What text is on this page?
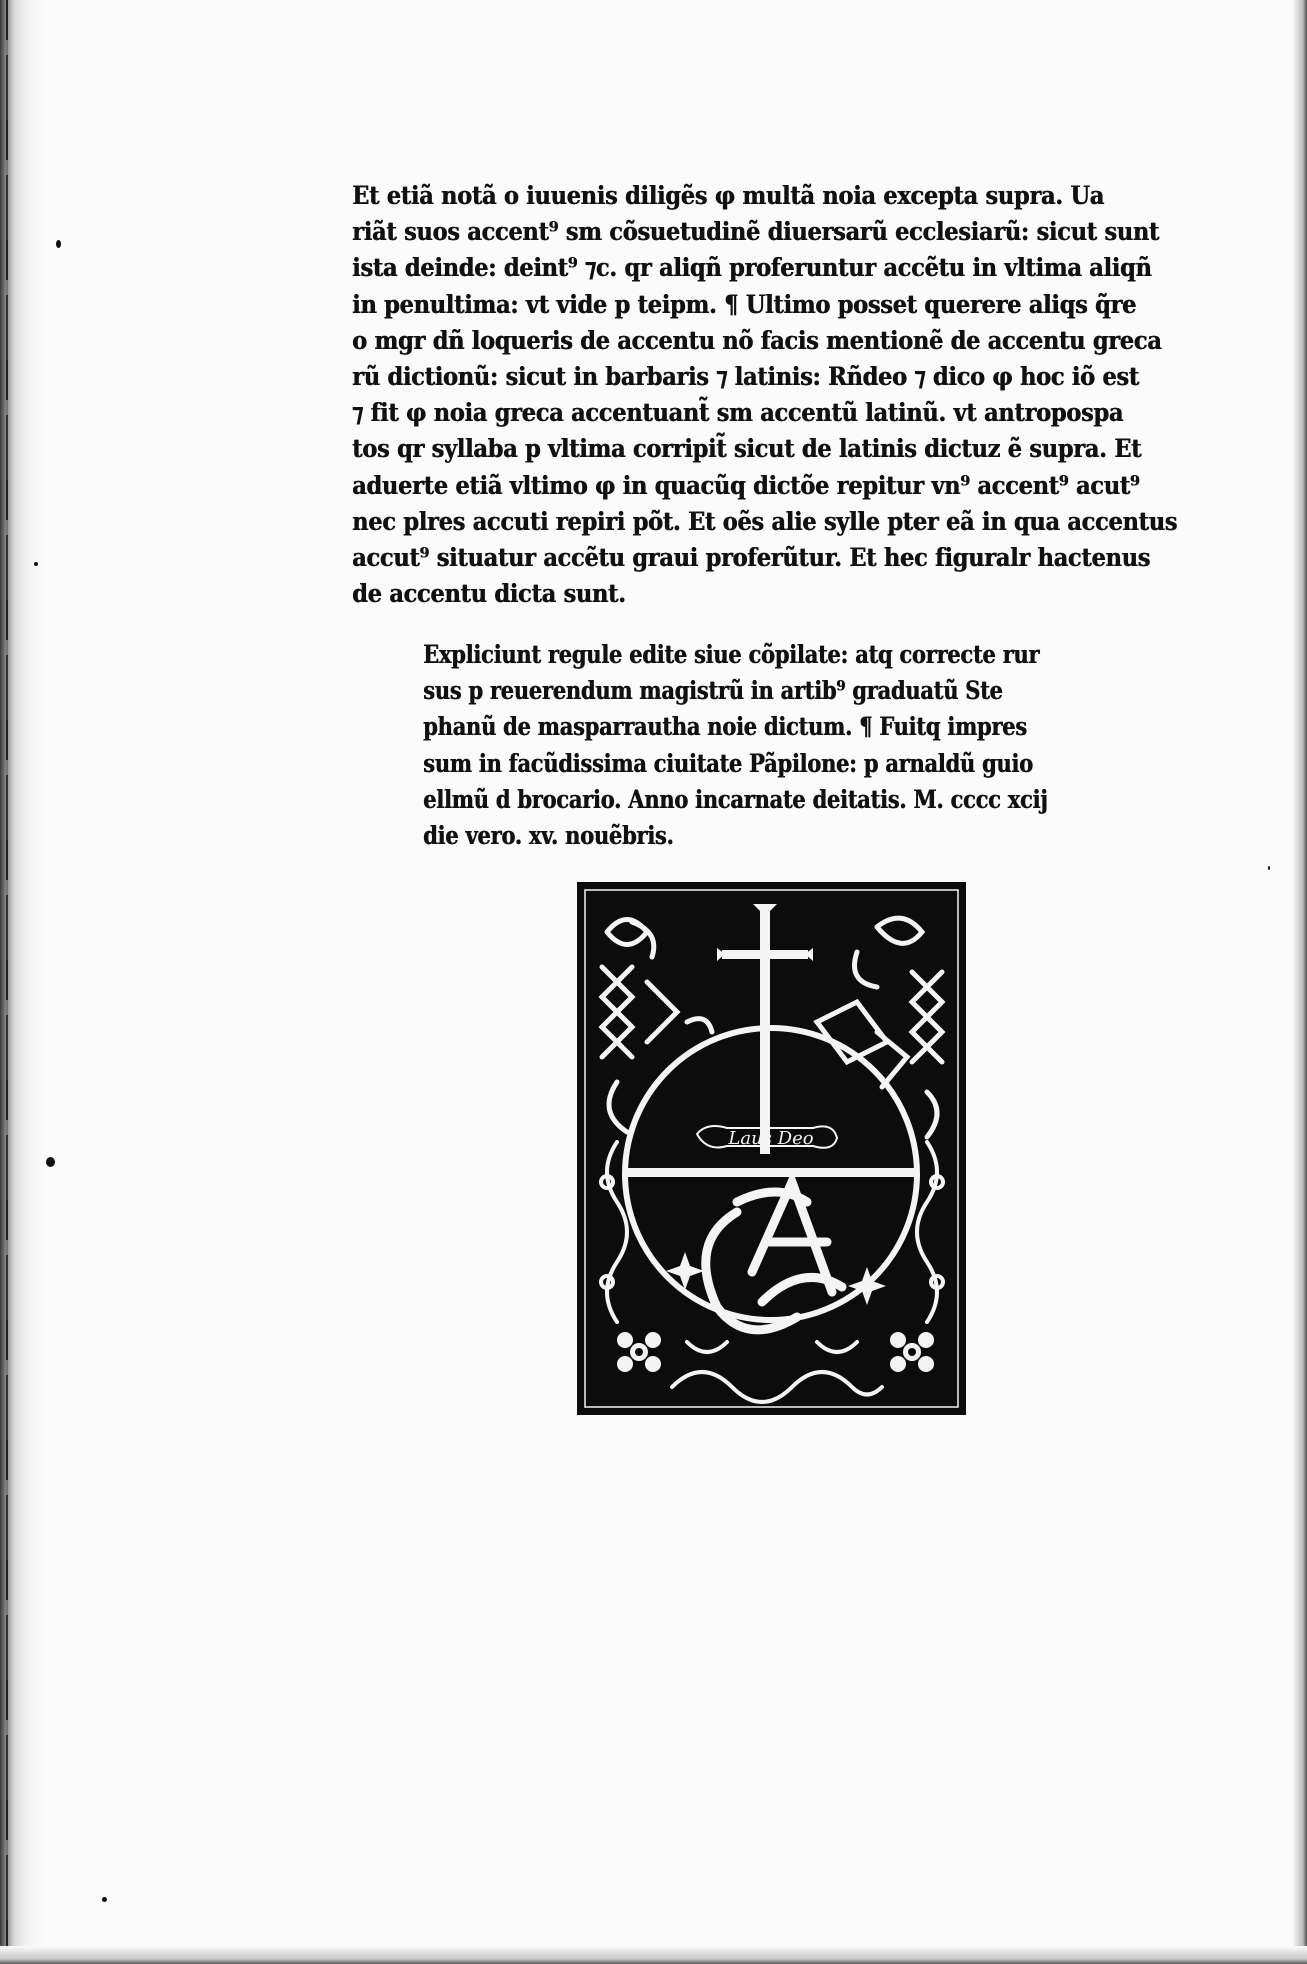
Et etiã notã o iuuenis diligẽs φ multã noia excepta supra. Ua
riãt suos accent⁹ sm cõsuetudinẽ diuersarũ ecclesiarũ: sicut sunt
ista deinde: deint⁹ ⁊c. qr aliqñ proferuntur accẽtu in vltima aliqñ
in penultima: vt vide p teipm. ¶ Ultimo posset querere aliqs q̃re
o mgr dñ loqueris de accentu nõ facis mentionẽ de accentu greca
rũ dictionũ: sicut in barbaris ⁊ latinis: Rñdeo ⁊ dico φ hoc iõ est
⁊ fit φ noia greca accentuant̃ sm accentũ latinũ. vt antropospa
tos qr syllaba p vltima corripit̃ sicut de latinis dictuz ẽ supra. Et
aduerte etiã vltimo φ in quacũq dictõe repitur vn⁹ accent⁹ acut⁹
nec plres accuti repiri põt. Et oẽs alie sylle pter eã in qua accentus
accut⁹ situatur accẽtu graui proferũtur. Et hec figuralr hactenus
de accentu dicta sunt.
Expliciunt regule edite siue cõpilate: atq correcte rur
sus p reuerendum magistrũ in artib⁹ graduatũ Ste
phanũ de masparrautha noie dictum. ¶ Fuitq impres
sum in facũdissima ciuitate Pãpilone: p arnaldũ guio
ellmũ d brocario. Anno incarnate deitatis. M. cccc xcij
die vero. xv. nouẽbris.
Laus Deo
